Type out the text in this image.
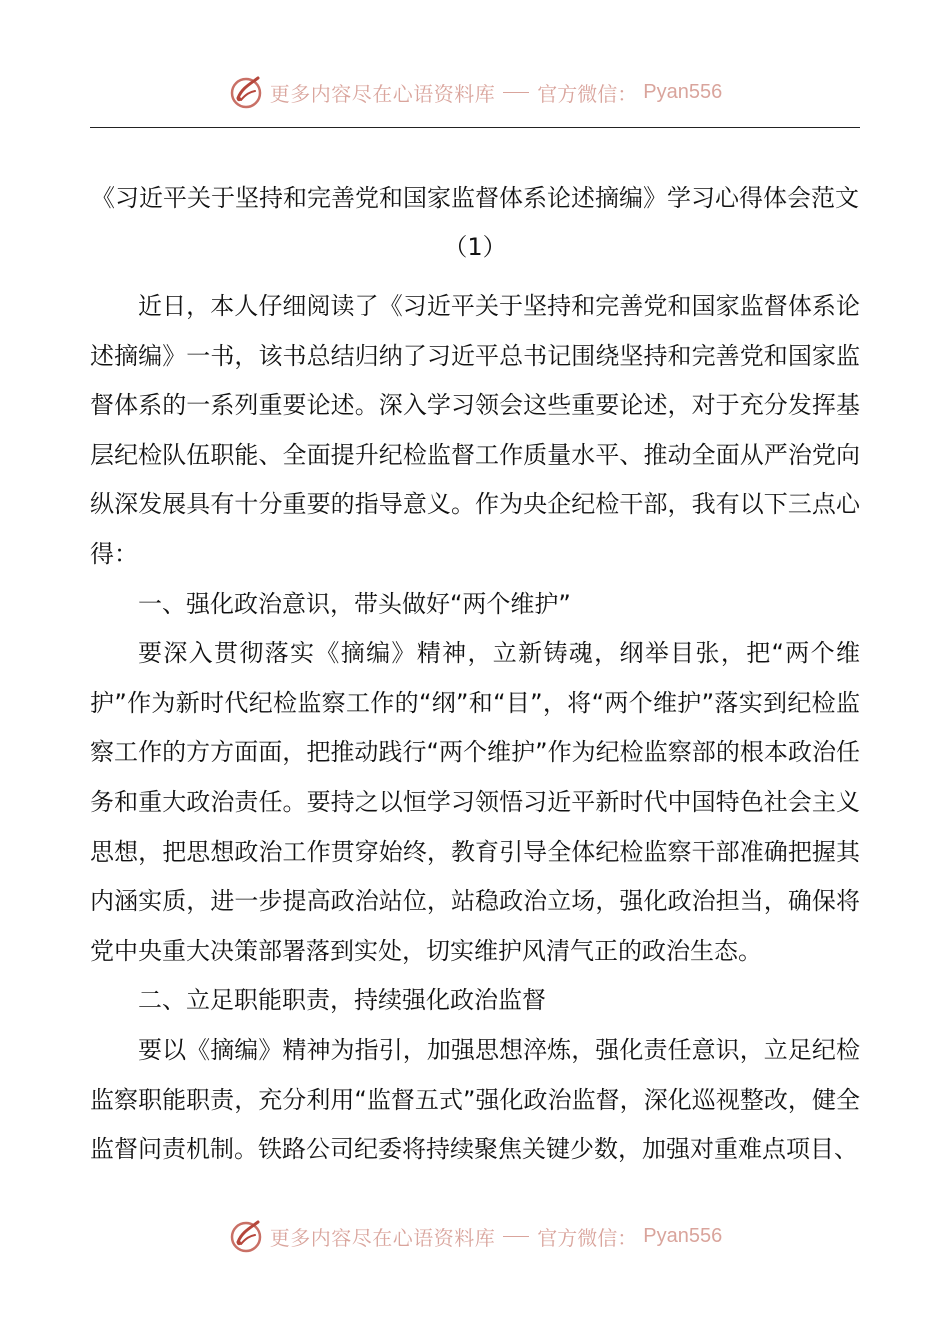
更多内容尽在心语资料库 官方微信： Pyan556
《习近平关于坚持和完善党和国家监督体系论述摘编》学习心得体会范文
（1）

近日，本人仔细阅读了《习近平关于坚持和完善党和国家监督体系论述摘编》一书，该书总结归纳了习近平总书记围绕坚持和完善党和国家监督体系的一系列重要论述。深入学习领会这些重要论述，对于充分发挥基层纪检队伍职能、全面提升纪检监督工作质量水平、推动全面从严治党向纵深发展具有十分重要的指导意义。作为央企纪检干部，我有以下三点心得：

一、强化政治意识，带头做好“两个维护”

要深入贯彻落实《摘编》精神，立新铸魂，纲举目张，把“两个维护”作为新时代纪检监察工作的“纲”和“目”，将“两个维护”落实到纪检监察工作的方方面面，把推动践行“两个维护”作为纪检监察部的根本政治任务和重大政治责任。要持之以恒学习领悟习近平新时代中国特色社会主义思想，把思想政治工作贯穿始终，教育引导全体纪检监察干部准确把握其内涵实质，进一步提高政治站位，站稳政治立场，强化政治担当，确保将党中央重大决策部署落到实处，切实维护风清气正的政治生态。

二、立足职能职责，持续强化政治监督

要以《摘编》精神为指引，加强思想淬炼，强化责任意识，立足纪检监察职能职责，充分利用“监督五式”强化政治监督，深化巡视整改，健全监督问责机制。铁路公司纪委将持续聚焦关键少数，加强对重难点项目、

更多内容尽在心语资料库 官方微信： Pyan556
